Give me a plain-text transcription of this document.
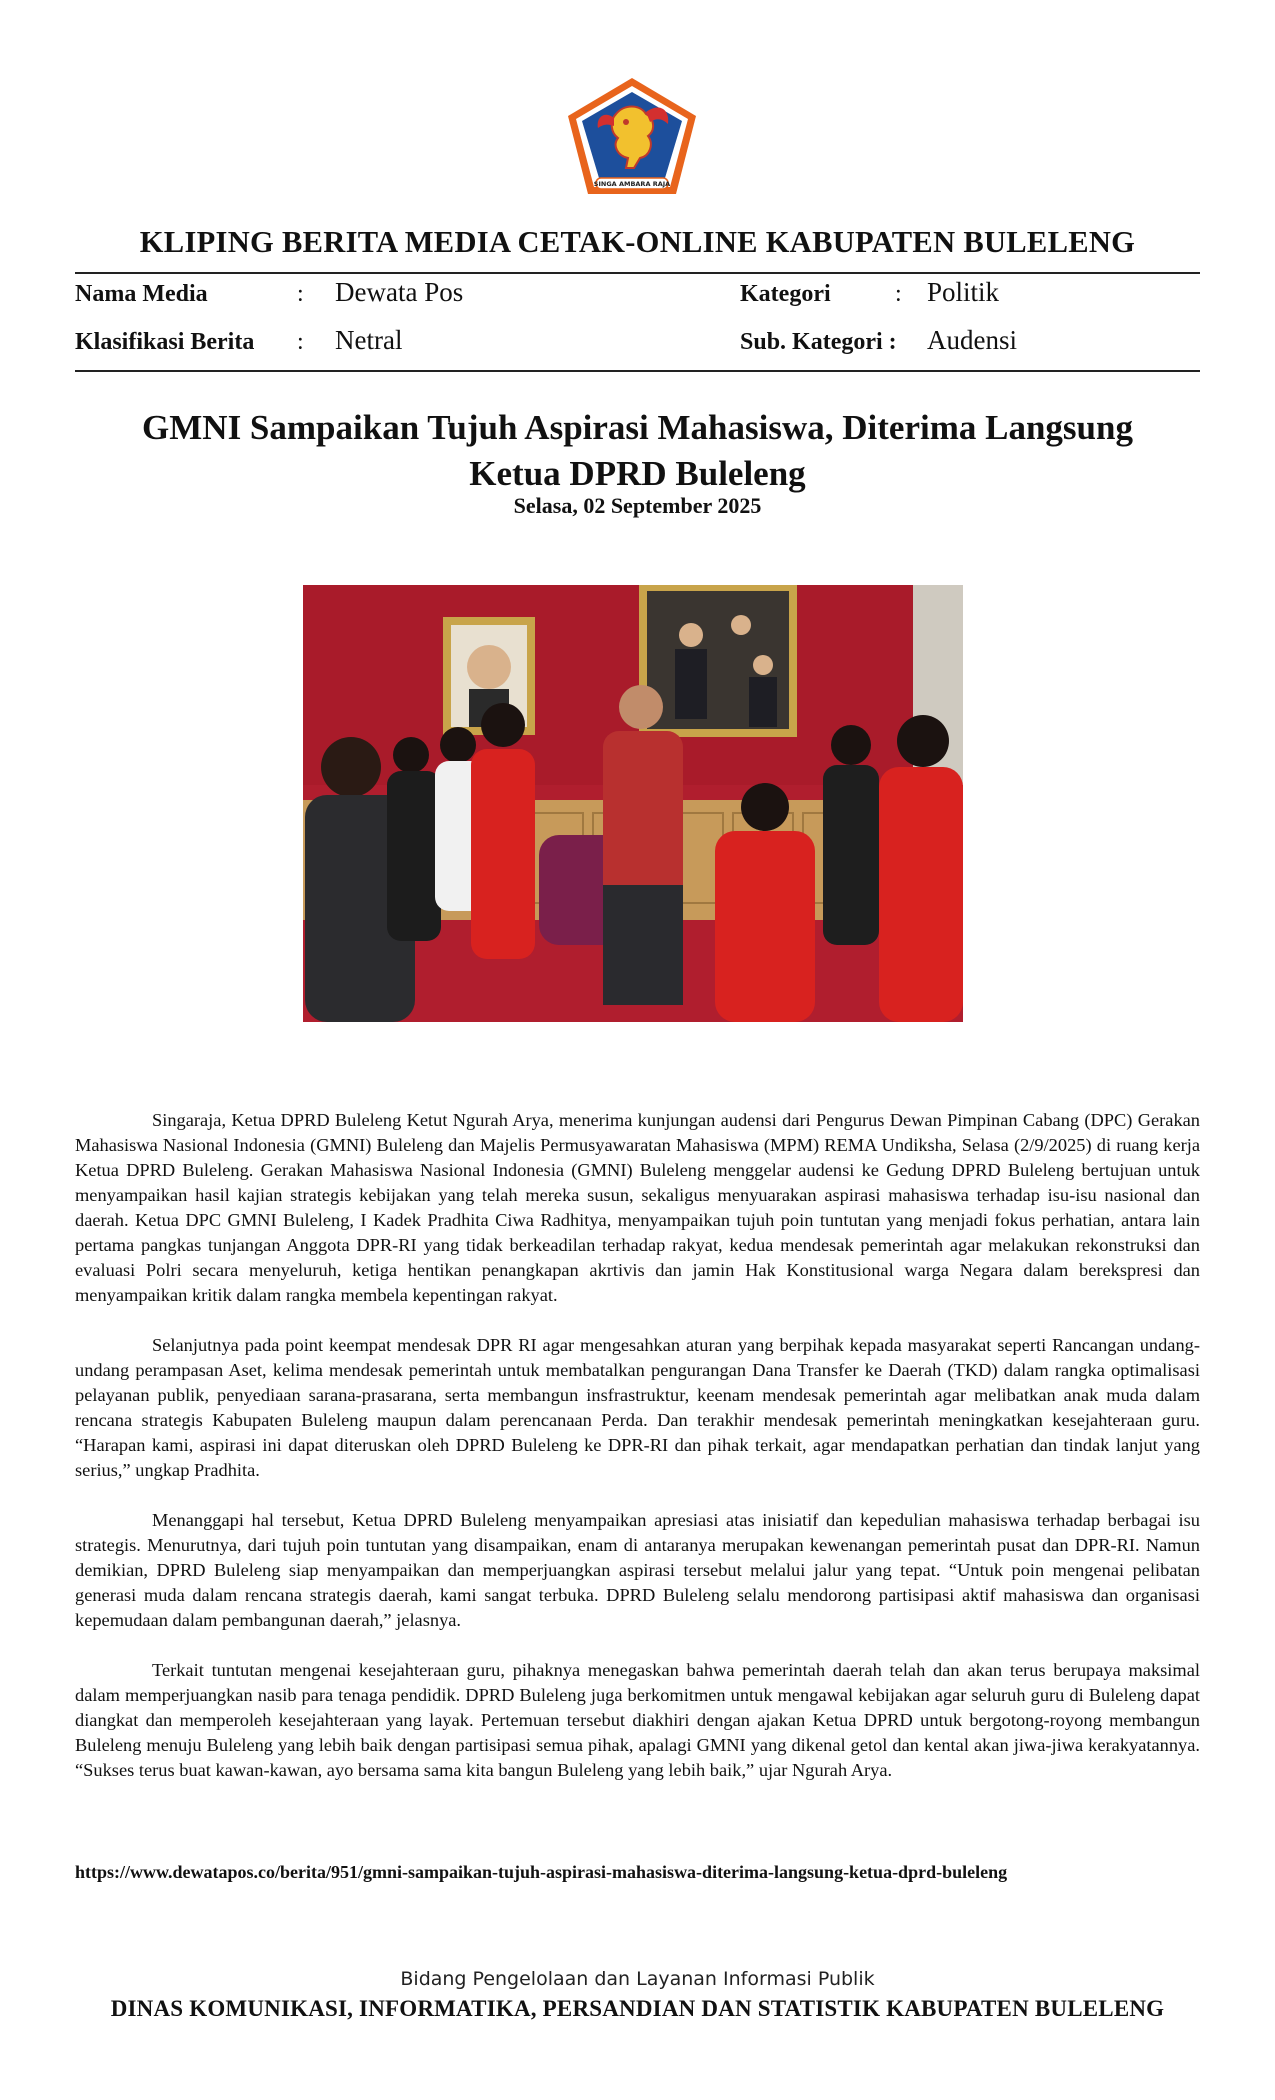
SINGA AMBARA RAJA
KLIPING BERITA MEDIA CETAK-ONLINE KABUPATEN BULELENG
Nama Media	: Dewata Pos	Kategori	: Politik
Klasifikasi Berita : Netral	Sub. Kategori : Audensi
GMNI Sampaikan Tujuh Aspirasi Mahasiswa, Diterima Langsung
Ketua DPRD Buleleng
Selasa, 02 September 2025

Singaraja, Ketua DPRD Buleleng Ketut Ngurah Arya, menerima kunjungan audensi dari Pengurus Dewan Pimpinan Cabang (DPC) Gerakan Mahasiswa Nasional Indonesia (GMNI) Buleleng dan Majelis Permusyawaratan Mahasiswa (MPM) REMA Undiksha, Selasa (2/9/2025) di ruang kerja Ketua DPRD Buleleng. Gerakan Mahasiswa Nasional Indonesia (GMNI) Buleleng menggelar audensi ke Gedung DPRD Buleleng bertujuan untuk menyampaikan hasil kajian strategis kebijakan yang telah mereka susun, sekaligus menyuarakan aspirasi mahasiswa terhadap isu-isu nasional dan daerah. Ketua DPC GMNI Buleleng, I Kadek Pradhita Ciwa Radhitya, menyampaikan tujuh poin tuntutan yang menjadi fokus perhatian, antara lain pertama pangkas tunjangan Anggota DPR-RI yang tidak berkeadilan terhadap rakyat, kedua mendesak pemerintah agar melakukan rekonstruksi dan evaluasi Polri secara menyeluruh, ketiga hentikan penangkapan akrtivis dan jamin Hak Konstitusional warga Negara dalam berekspresi dan menyampaikan kritik dalam rangka membela kepentingan rakyat.

Selanjutnya pada point keempat mendesak DPR RI agar mengesahkan aturan yang berpihak kepada masyarakat seperti Rancangan undang-undang perampasan Aset, kelima mendesak pemerintah untuk membatalkan pengurangan Dana Transfer ke Daerah (TKD) dalam rangka optimalisasi pelayanan publik, penyediaan sarana-prasarana, serta membangun insfrastruktur, keenam mendesak pemerintah agar melibatkan anak muda dalam rencana strategis Kabupaten Buleleng maupun dalam perencanaan Perda. Dan terakhir mendesak pemerintah meningkatkan kesejahteraan guru. “Harapan kami, aspirasi ini dapat diteruskan oleh DPRD Buleleng ke DPR-RI dan pihak terkait, agar mendapatkan perhatian dan tindak lanjut yang serius,” ungkap Pradhita.

Menanggapi hal tersebut, Ketua DPRD Buleleng menyampaikan apresiasi atas inisiatif dan kepedulian mahasiswa terhadap berbagai isu strategis. Menurutnya, dari tujuh poin tuntutan yang disampaikan, enam di antaranya merupakan kewenangan pemerintah pusat dan DPR-RI. Namun demikian, DPRD Buleleng siap menyampaikan dan memperjuangkan aspirasi tersebut melalui jalur yang tepat. “Untuk poin mengenai pelibatan generasi muda dalam rencana strategis daerah, kami sangat terbuka. DPRD Buleleng selalu mendorong partisipasi aktif mahasiswa dan organisasi kepemudaan dalam pembangunan daerah,” jelasnya.

Terkait tuntutan mengenai kesejahteraan guru, pihaknya menegaskan bahwa pemerintah daerah telah dan akan terus berupaya maksimal dalam memperjuangkan nasib para tenaga pendidik. DPRD Buleleng juga berkomitmen untuk mengawal kebijakan agar seluruh guru di Buleleng dapat diangkat dan memperoleh kesejahteraan yang layak. Pertemuan tersebut diakhiri dengan ajakan Ketua DPRD untuk bergotong-royong membangun Buleleng menuju Buleleng yang lebih baik dengan partisipasi semua pihak, apalagi GMNI yang dikenal getol dan kental akan jiwa-jiwa kerakyatannya. “Sukses terus buat kawan-kawan, ayo bersama sama kita bangun Buleleng yang lebih baik,” ujar Ngurah Arya.

https://www.dewatapos.co/berita/951/gmni-sampaikan-tujuh-aspirasi-mahasiswa-diterima-langsung-ketua-dprd-buleleng
Bidang Pengelolaan dan Layanan Informasi Publik
DINAS KOMUNIKASI, INFORMATIKA, PERSANDIAN DAN STATISTIK KABUPATEN BULELENG
